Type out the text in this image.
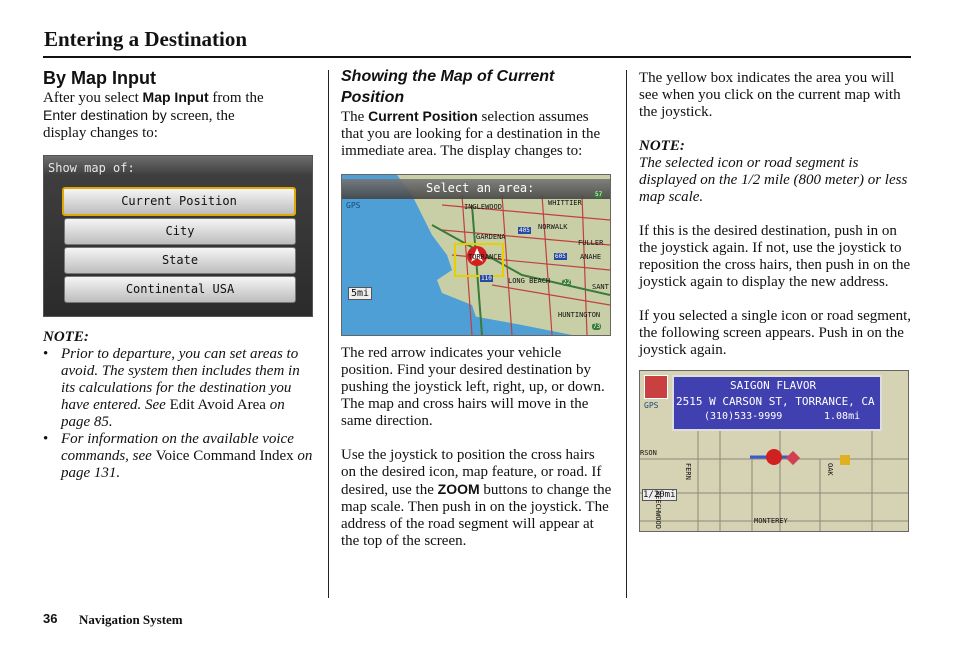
Entering a Destination
By Map Input

After you select Map Input from the
Enter destination by screen, the
display changes to:

Show map of:
Current Position
City
State
Continental USA
NOTE:
• Prior to departure, you can set areas to avoid. The system then includes them in its calculations for the destination you have entered. See Edit Avoid Area on page 85.
• For information on the available voice commands, see Voice Command Index on page 131.
Showing the Map of Current Position

The Current Position selection assumes that you are looking for a destination in the immediate area. The display changes to:

Select an area:
5mi
GPS	INGLEWOOD	WHITTIER
GARDENA
NORWALK
FULLER
TORRANCE	ANAHE
LONG BEACH
SANT
HUNTINGTON
57
405
605
110
22
73

The red arrow indicates your vehicle position. Find your desired destination by pushing the joystick left, right, up, or down. The map and cross hairs will move in the same direction.

Use the joystick to position the cross hairs on the desired icon, map feature, or road. If desired, use the ZOOM buttons to change the map scale. Then push in on the joystick. The address of the road segment will appear at the top of the screen.

The yellow box indicates the area you will see when you click on the current map with the joystick.

NOTE:

The selected icon or road segment is displayed on the 1/2 mile (800 meter) or less map scale.

If this is the desired destination, push in on the joystick again. If not, use the joystick to reposition the cross hairs, then push in on the joystick again to display the new address.

If you selected a single icon or road segment, the following screen appears. Push in on the joystick again.

SAIGON FLAVOR
2515 W CARSON ST, TORRANCE, CA
(310)533-9999	1.08mi
GPS
1/20mi
RSON
FERN
BEECHWOOD
OAK
MONTEREY
36 Navigation System
